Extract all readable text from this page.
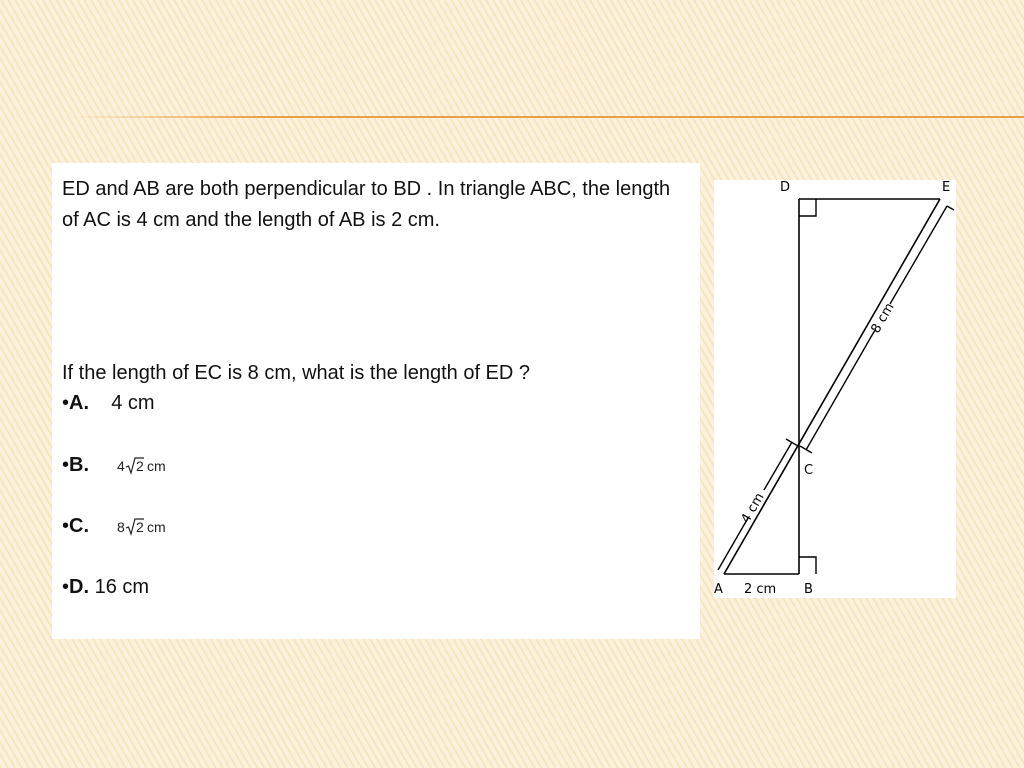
ED and AB are both perpendicular to BD . In triangle ABC, the length of AC is 4 cm and the length of AB is 2 cm.

If the length of EC is 8 cm, what is the length of ED ?

•A. 4 cm
•B. 4 2 cm
•C. 8 2 cm
•D. 16 cm
D	E
C
A	B
2 cm
4 cm
8 cm
